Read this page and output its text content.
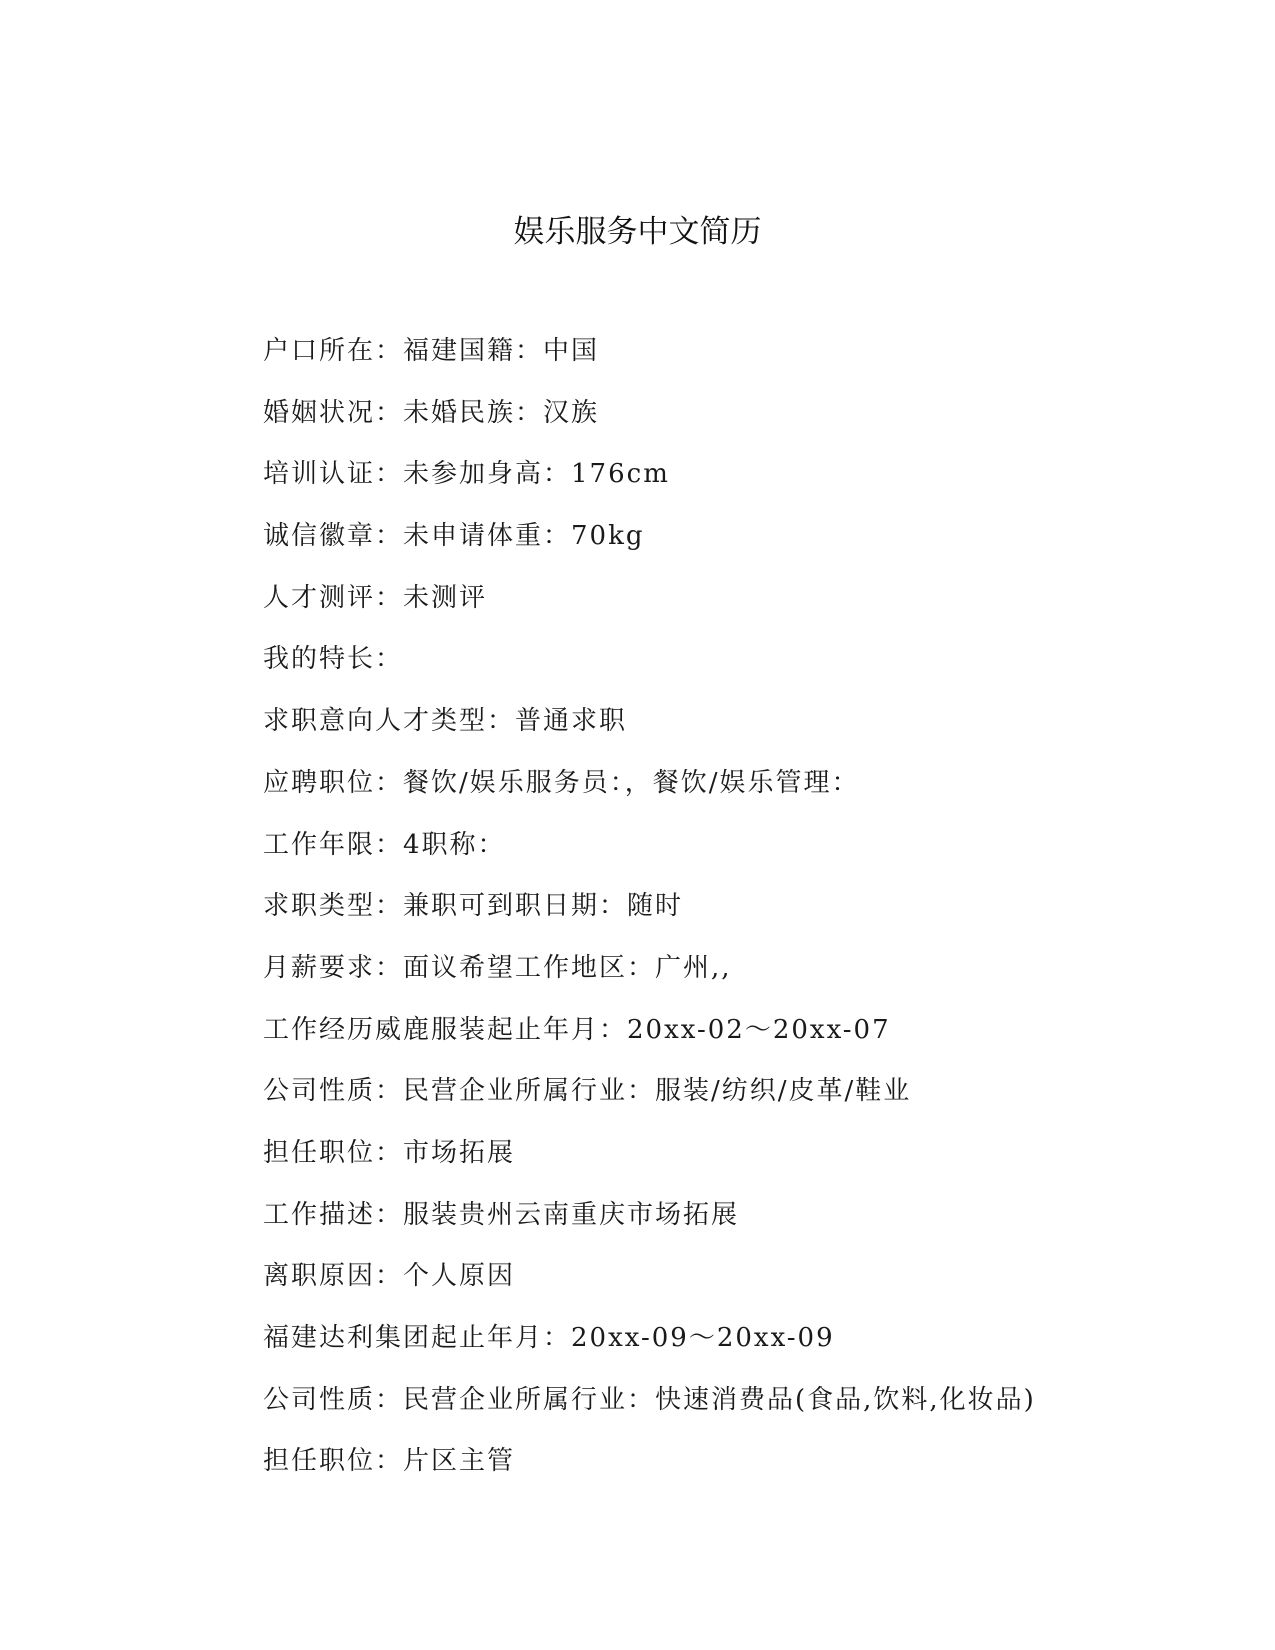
娱乐服务中文简历
户口所在：福建国籍：中国
婚姻状况：未婚民族：汉族
培训认证：未参加身高：176cm
诚信徽章：未申请体重：70kg
人才测评：未测评
我的特长：
求职意向人才类型：普通求职
应聘职位：餐饮/娱乐服务员：，餐饮/娱乐管理：
工作年限：4职称：
求职类型：兼职可到职日期：随时
月薪要求：面议希望工作地区：广州,,
工作经历威鹿服装起止年月：20xx-02～20xx-07
公司性质：民营企业所属行业：服装/纺织/皮革/鞋业
担任职位：市场拓展
工作描述：服装贵州云南重庆市场拓展
离职原因：个人原因
福建达利集团起止年月：20xx-09～20xx-09
公司性质：民营企业所属行业：快速消费品(食品,饮料,化妆品)
担任职位：片区主管
